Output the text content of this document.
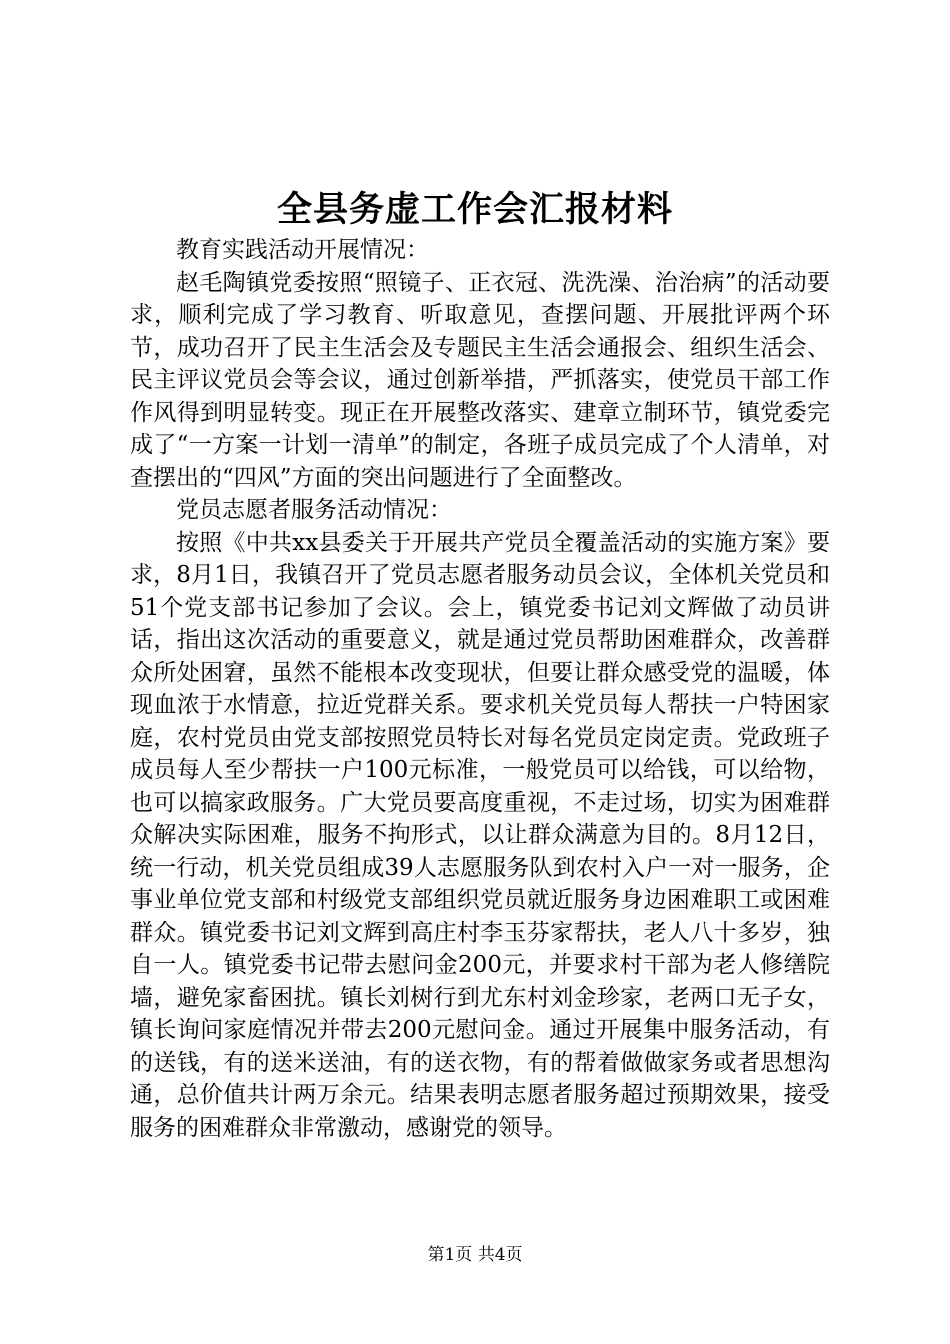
全县务虚工作会汇报材料

教育实践活动开展情况：

赵毛陶镇党委按照“照镜子、正衣冠、洗洗澡、治治病”的活动要求，顺利完成了学习教育、听取意见，查摆问题、开展批评两个环节，成功召开了民主生活会及专题民主生活会通报会、组织生活会、民主评议党员会等会议，通过创新举措，严抓落实，使党员干部工作作风得到明显转变。现正在开展整改落实、建章立制环节，镇党委完成了“一方案一计划一清单”的制定，各班子成员完成了个人清单，对查摆出的“四风”方面的突出问题进行了全面整改。

党员志愿者服务活动情况：

按照《中共xx县委关于开展共产党员全覆盖活动的实施方案》要求，8月1日，我镇召开了党员志愿者服务动员会议，全体机关党员和51个党支部书记参加了会议。会上，镇党委书记刘文辉做了动员讲话，指出这次活动的重要意义，就是通过党员帮助困难群众，改善群众所处困窘，虽然不能根本改变现状，但要让群众感受党的温暖，体现血浓于水情意，拉近党群关系。要求机关党员每人帮扶一户特困家庭，农村党员由党支部按照党员特长对每名党员定岗定责。党政班子成员每人至少帮扶一户100元标准，一般党员可以给钱，可以给物，也可以搞家政服务。广大党员要高度重视，不走过场，切实为困难群众解决实际困难，服务不拘形式，以让群众满意为目的。8月12日，统一行动，机关党员组成39人志愿服务队到农村入户一对一服务，企事业单位党支部和村级党支部组织党员就近服务身边困难职工或困难群众。镇党委书记刘文辉到高庄村李玉芬家帮扶，老人八十多岁，独自一人。镇党委书记带去慰问金200元，并要求村干部为老人修缮院墙，避免家畜困扰。镇长刘树行到尤东村刘金珍家，老两口无子女，镇长询问家庭情况并带去200元慰问金。通过开展集中服务活动，有的送钱，有的送米送油，有的送衣物，有的帮着做做家务或者思想沟通，总价值共计两万余元。结果表明志愿者服务超过预期效果，接受服务的困难群众非常激动，感谢党的领导。

第1页 共4页
